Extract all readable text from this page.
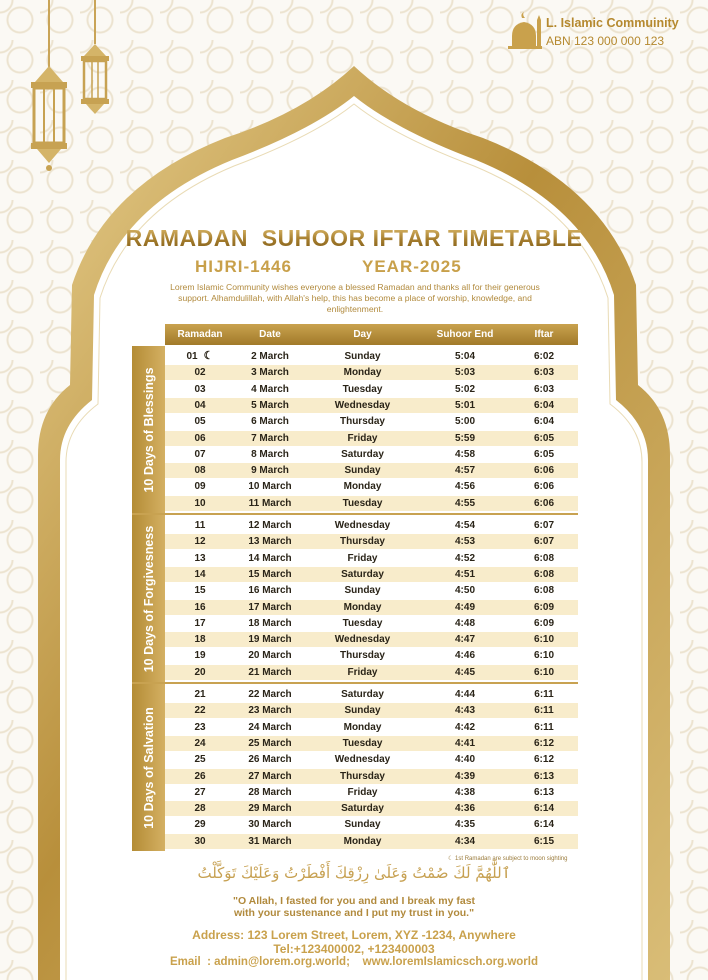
L. Islamic Commuinity
ABN 123 000 000 123
RAMADAN  SUHOOR IFTAR TIMETABLE
HIJRI-1446	YEAR-2025
Lorem Islamic Community wishes everyone a blessed Ramadan and thanks all for their generous support. Alhamdulillah, with Allah's help, this has become a place of worship, knowledge, and enlightenment.
Ramadan	Date	Day	Suhoor End	Iftar
☾ 1st Ramadan are subject to moon sighting
ٱللَّٰهُمَّ لَكَ صُمْتُ وَعَلَىٰ رِزْقِكَ أَفْطَرْتُ وَعَلَيْكَ تَوَكَّلْتُ
"O Allah, I fasted for you and and I break my fast
with your sustenance and I put my trust in you."
Address: 123 Lorem Street, Lorem, XYZ -1234, Anywhere
Tel:+123400002, +123400003
Email  : admin@lorem.org.world;    www.loremIslamicsch.org.world
01 ☾	2 March	Sunday	5:04	6:02
02	3 March	Monday	5:03	6:03
03	4 March	Tuesday	5:02	6:03
04	5 March	Wednesday	5:01	6:04
05	6 March	Thursday	5:00	6:04
06	7 March	Friday	5:59	6:05
07	8 March	Saturday	4:58	6:05
08	9 March	Sunday	4:57	6:06
09	10 March	Monday	4:56	6:06
10	11 March	Tuesday	4:55	6:06
10 Days of Blessings
11	12 March	Wednesday	4:54	6:07
12	13 March	Thursday	4:53	6:07
13	14 March	Friday	4:52	6:08
14	15 March	Saturday	4:51	6:08
15	16 March	Sunday	4:50	6:08
16	17 March	Monday	4:49	6:09
17	18 March	Tuesday	4:48	6:09
18	19 March	Wednesday	4:47	6:10
19	20 March	Thursday	4:46	6:10
20	21 March	Friday	4:45	6:10
10 Days of Forgivesness
21	22 March	Saturday	4:44	6:11
22	23 March	Sunday	4:43	6:11
23	24 March	Monday	4:42	6:11
24	25 March	Tuesday	4:41	6:12
25	26 March	Wednesday	4:40	6:12
26	27 March	Thursday	4:39	6:13
27	28 March	Friday	4:38	6:13
28	29 March	Saturday	4:36	6:14
29	30 March	Sunday	4:35	6:14
30	31 March	Monday	4:34	6:15
10 Days of Salvation
